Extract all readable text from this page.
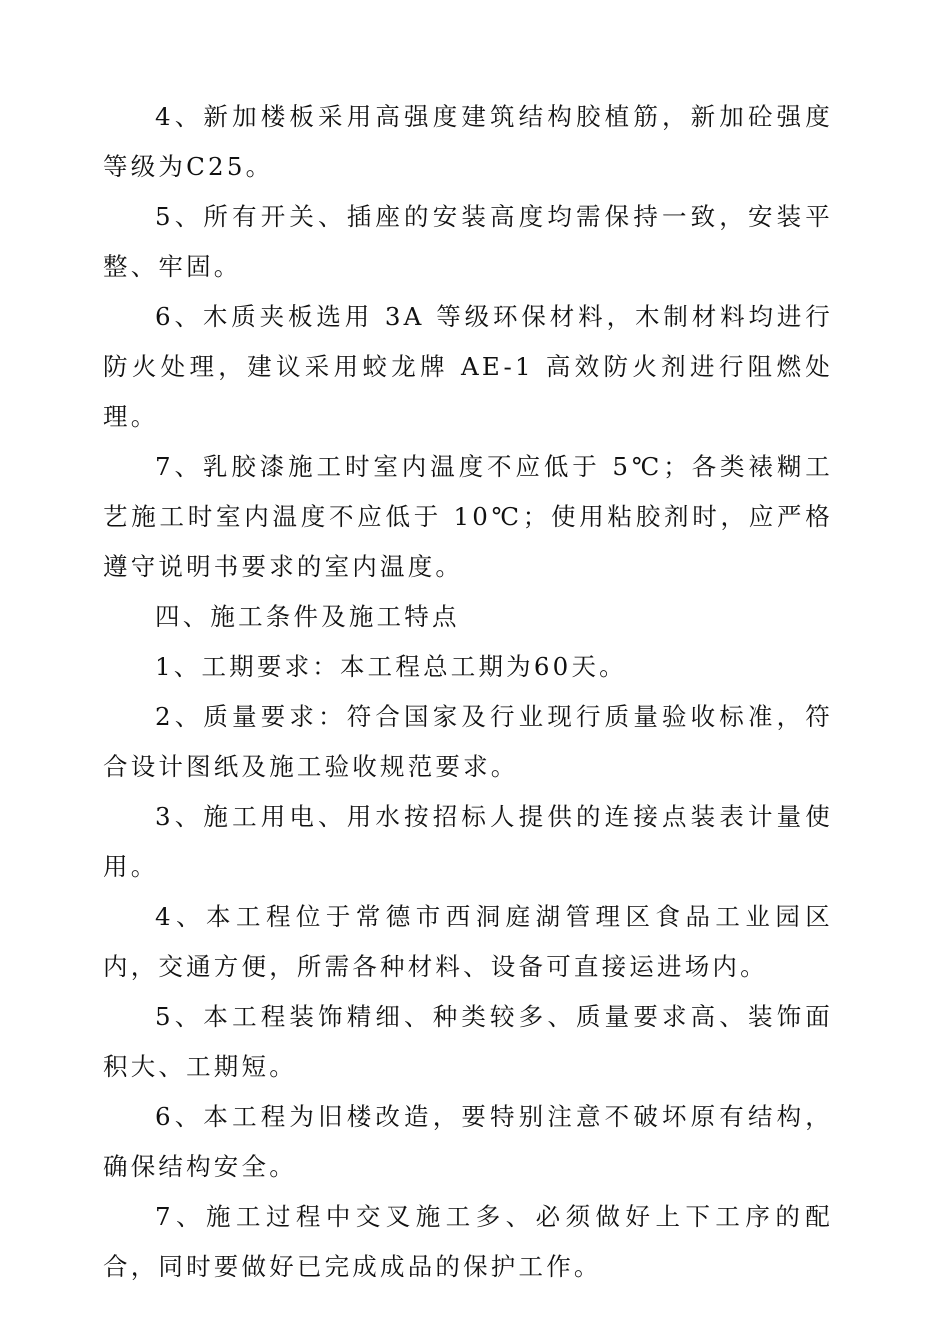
4、新加楼板采用高强度建筑结构胶植筋，新加砼强度等级为C25。

5、所有开关、插座的安装高度均需保持一致，安装平整、牢固。

6、木质夹板选用 3A 等级环保材料，木制材料均进行防火处理，建议采用蛟龙牌 AE-1 高效防火剂进行阻燃处理。

7、乳胶漆施工时室内温度不应低于 5℃；各类裱糊工艺施工时室内温度不应低于 10℃；使用粘胶剂时，应严格遵守说明书要求的室内温度。

四、施工条件及施工特点

1、工期要求：本工程总工期为60天。

2、质量要求：符合国家及行业现行质量验收标准，符合设计图纸及施工验收规范要求。

3、施工用电、用水按招标人提供的连接点装表计量使用。

4、本工程位于常德市西洞庭湖管理区食品工业园区内，交通方便，所需各种材料、设备可直接运进场内。

5、本工程装饰精细、种类较多、质量要求高、装饰面积大、工期短。

6、本工程为旧楼改造，要特别注意不破坏原有结构，确保结构安全。

7、施工过程中交叉施工多、必须做好上下工序的配合，同时要做好已完成成品的保护工作。
